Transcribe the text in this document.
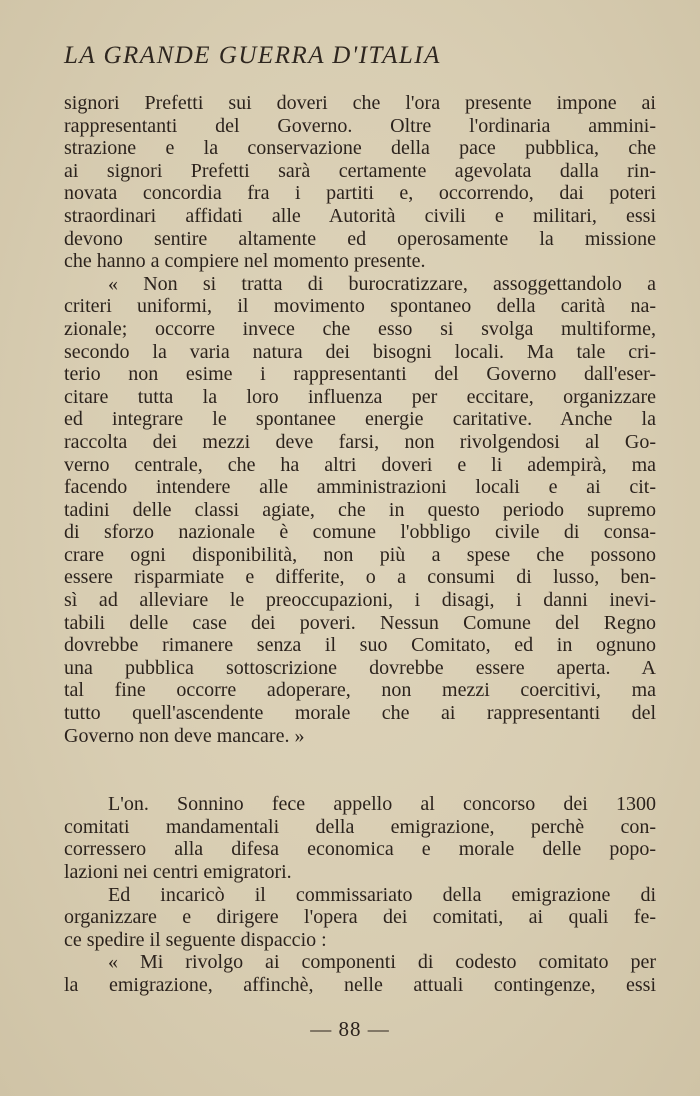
LA GRANDE GUERRA D'ITALIA
signori Prefetti sui doveri che l'ora presente impone ai
rappresentanti del Governo. Oltre l'ordinaria ammini-
strazione e la conservazione della pace pubblica, che
ai signori Prefetti sarà certamente agevolata dalla rin-
novata concordia fra i partiti e, occorrendo, dai poteri
straordinari affidati alle Autorità civili e militari, essi
devono sentire altamente ed operosamente la missione
che hanno a compiere nel momento presente.
« Non si tratta di burocratizzare, assoggettandolo a
criteri uniformi, il movimento spontaneo della carità na-
zionale; occorre invece che esso si svolga multiforme,
secondo la varia natura dei bisogni locali. Ma tale cri-
terio non esime i rappresentanti del Governo dall'eser-
citare tutta la loro influenza per eccitare, organizzare
ed integrare le spontanee energie caritative. Anche la
raccolta dei mezzi deve farsi, non rivolgendosi al Go-
verno centrale, che ha altri doveri e li adempirà, ma
facendo intendere alle amministrazioni locali e ai cit-
tadini delle classi agiate, che in questo periodo supremo
di sforzo nazionale è comune l'obbligo civile di consa-
crare ogni disponibilità, non più a spese che possono
essere risparmiate e differite, o a consumi di lusso, ben-
sì ad alleviare le preoccupazioni, i disagi, i danni inevi-
tabili delle case dei poveri. Nessun Comune del Regno
dovrebbe rimanere senza il suo Comitato, ed in ognuno
una pubblica sottoscrizione dovrebbe essere aperta. A
tal fine occorre adoperare, non mezzi coercitivi, ma
tutto quell'ascendente morale che ai rappresentanti del
Governo non deve mancare. »
L'on. Sonnino fece appello al concorso dei 1300
comitati mandamentali della emigrazione, perchè con-
corressero alla difesa economica e morale delle popo-
lazioni nei centri emigratori.
Ed incaricò il commissariato della emigrazione di
organizzare e dirigere l'opera dei comitati, ai quali fe-
ce spedire il seguente dispaccio :
« Mi rivolgo ai componenti di codesto comitato per
la emigrazione, affinchè, nelle attuali contingenze, essi
— 88 —
